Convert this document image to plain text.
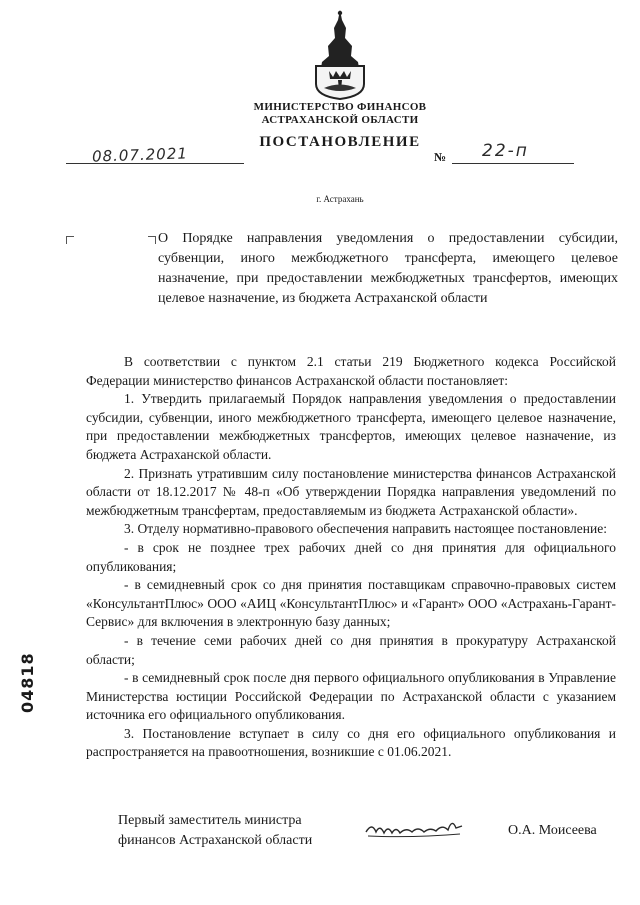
МИНИСТЕРСТВО ФИНАНСОВ
АСТРАХАНСКОЙ ОБЛАСТИ
ПОСТАНОВЛЕНИЕ
08.07.2021	№ 22-п
г. Астрахань
О Порядке направления уведомления о предоставлении субсидии, субвенции, иного межбюджетного трансферта, имеющего целевое назначение, при предоставлении межбюджетных трансфертов, имеющих целевое назначение, из бюджета Астраханской области

В соответствии с пунктом 2.1 статьи 219 Бюджетного кодекса Российской Федерации министерство финансов Астраханской области постановляет:

1. Утвердить прилагаемый Порядок направления уведомления о предоставлении субсидии, субвенции, иного межбюджетного трансферта, имеющего целевое назначение, при предоставлении межбюджетных трансфертов, имеющих целевое назначение, из бюджета Астраханской области.

2. Признать утратившим силу постановление министерства финансов Астраханской области от 18.12.2017 № 48-п «Об утверждении Порядка направления уведомлений по межбюджетным трансфертам, предоставляемым из бюджета Астраханской области».

3. Отделу нормативно-правового обеспечения направить настоящее постановление:

- в срок не позднее трех рабочих дней со дня принятия для официального опубликования;

- в семидневный срок со дня принятия поставщикам справочно-правовых систем «КонсультантПлюс» ООО «АИЦ «КонсультантПлюс» и «Гарант» ООО «Астрахань-Гарант-Сервис» для включения в электронную базу данных;

- в течение семи рабочих дней со дня принятия в прокуратуру Астраханской области;

- в семидневный срок после дня первого официального опубликования в Управление Министерства юстиции Российской Федерации по Астраханской области с указанием источника его официального опубликования.

3. Постановление вступает в силу со дня его официального опубликования и распространяется на правоотношения, возникшие с 01.06.2021.

04818
Первый заместитель министра
финансов Астраханской области
О.А. Моисеева
